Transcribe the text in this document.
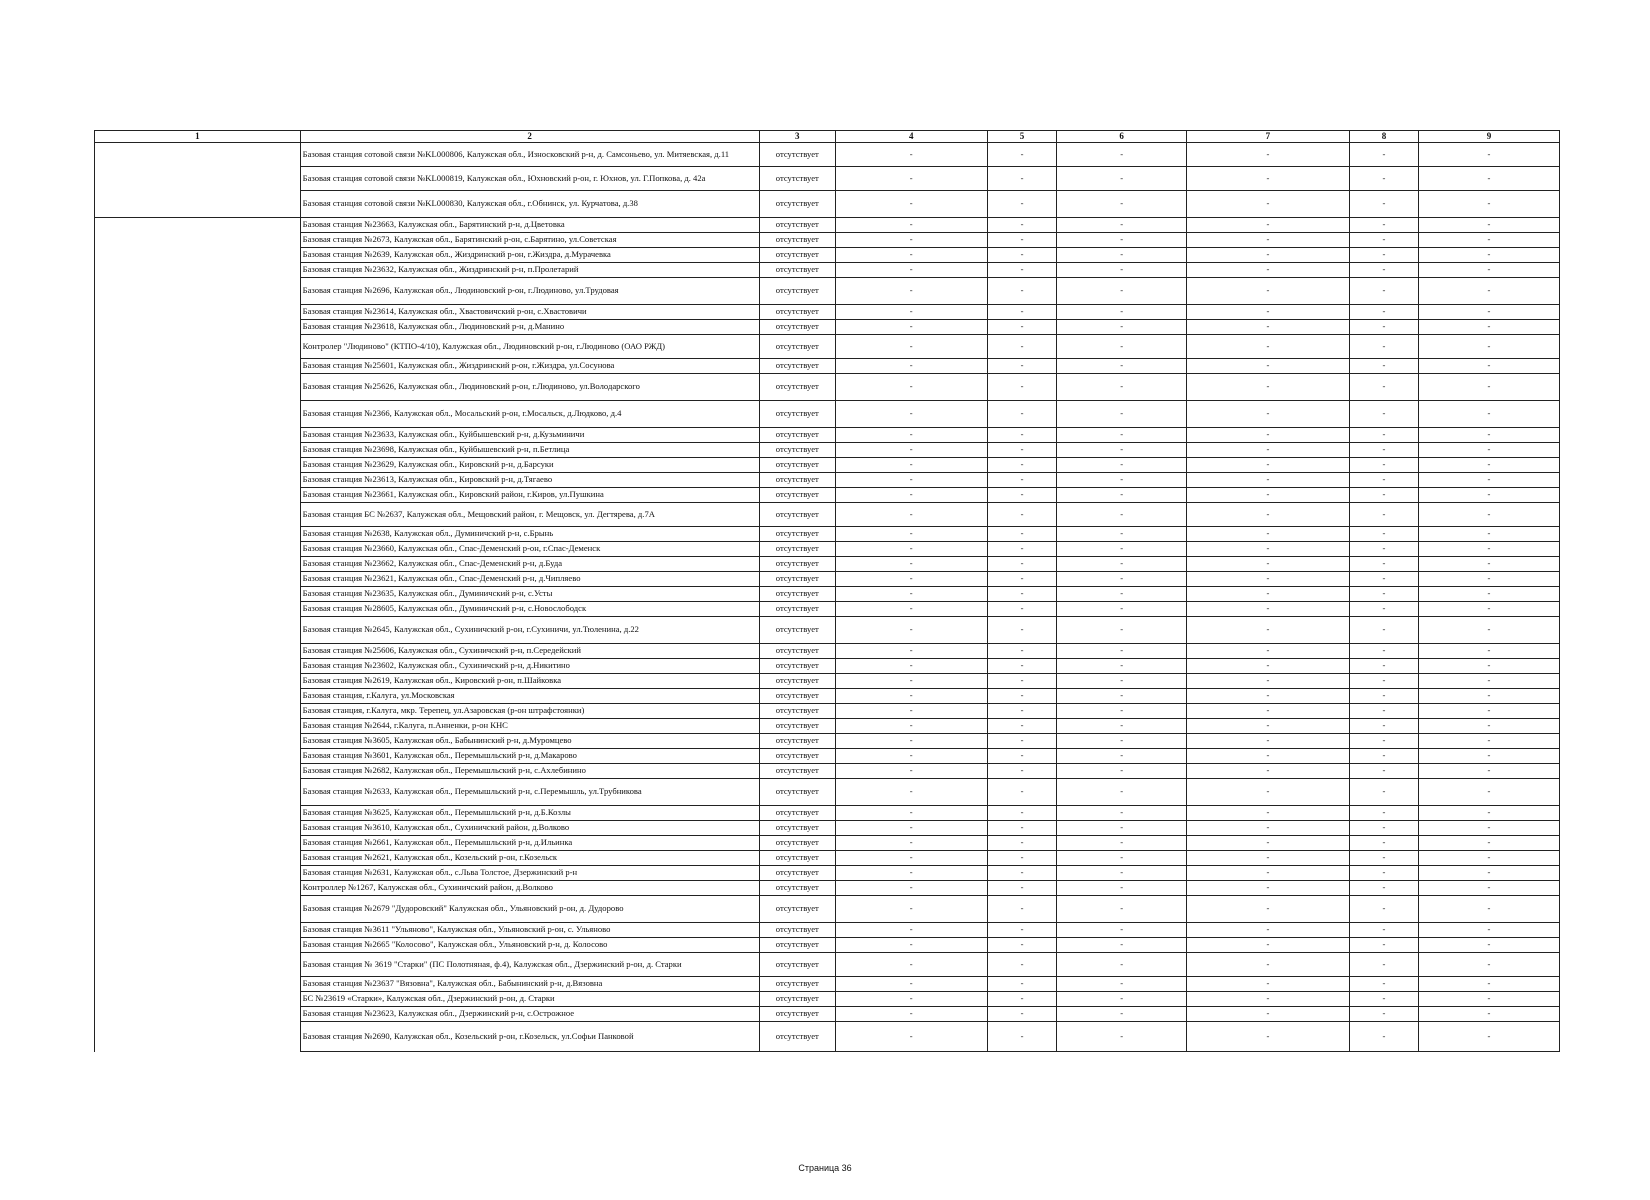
1	2	3	4	5	6	7	8	9
	Базовая станция сотовой связи №KL000806, Калужская обл., Износковский р-н, д. Самсоньево, ул. Митяевская, д.11	отсутствует	-	-	-	-	-	-
	Базовая станция сотовой связи №KL000819, Калужская обл., Юхновский р-он, г. Юхнов, ул. Г.Попкова, д. 42а	отсутствует	-	-	-	-	-	-
	Базовая станция сотовой связи №KL000830, Калужская обл., г.Обнинск, ул. Курчатова, д.38	отсутствует	-	-	-	-	-	-
	Базовая станция №23663, Калужская обл., Барятинский р-н, д.Цветовка	отсутствует	-	-	-	-	-	-
	Базовая станция №2673, Калужская обл., Барятинский р-он, с.Барятино, ул.Советская	отсутствует	-	-	-	-	-	-
	Базовая станция №2639, Калужская обл., Жиздринский р-он, г.Жиздра, д.Мурачевка	отсутствует	-	-	-	-	-	-
	Базовая станция №23632, Калужская обл., Жиздринский р-н, п.Пролетарий	отсутствует	-	-	-	-	-	-
	Базовая станция №2696, Калужская обл., Людиновский р-он, г.Людиново, ул.Трудовая	отсутствует	-	-	-	-	-	-
	Базовая станция №23614, Калужская обл., Хвастовичский р-он, с.Хвастовичи	отсутствует	-	-	-	-	-	-
	Базовая станция №23618, Калужская обл., Людиновский р-н, д.Манино	отсутствует	-	-	-	-	-	-
	Контролер "Людиново" (КТПО-4/10), Калужская обл., Людиновский р-он, г.Людиново (ОАО РЖД)	отсутствует	-	-	-	-	-	-
	Базовая станция №25601, Калужская обл., Жиздринский р-он, г.Жиздра, ул.Сосунова	отсутствует	-	-	-	-	-	-
	Базовая станция №25626, Калужская обл., Людиновский р-он, г.Людиново, ул.Володарского	отсутствует	-	-	-	-	-	-
	Базовая станция №2366, Калужская обл., Мосальский р-он, г.Мосальск, д.Людково, д.4	отсутствует	-	-	-	-	-	-
	Базовая станция №23633, Калужская обл., Куйбышевский р-н, д.Кузьминичи	отсутствует	-	-	-	-	-	-
	Базовая станция №23698, Калужская обл., Куйбышевский р-н, п.Бетлица	отсутствует	-	-	-	-	-	-
	Базовая станция №23629, Калужская обл., Кировский р-н, д.Барсуки	отсутствует	-	-	-	-	-	-
	Базовая станция №23613, Калужская обл., Кировский р-н, д.Тягаево	отсутствует	-	-	-	-	-	-
	Базовая станция №23661, Калужская обл., Кировский район, г.Киров, ул.Пушкина	отсутствует	-	-	-	-	-	-
	Базовая станция БС №2637, Калужская обл., Мещовский район, г. Мещовск, ул. Дегтярева, д.7А	отсутствует	-	-	-	-	-	-
	Базовая станция №2638, Калужская обл., Думиничский р-н, с.Брынь	отсутствует	-	-	-	-	-	-
	Базовая станция №23660, Калужская обл., Спас-Деменский р-он, г.Спас-Деменск	отсутствует	-	-	-	-	-	-
	Базовая станция №23662, Калужская обл., Спас-Деменский р-н, д.Буда	отсутствует	-	-	-	-	-	-
	Базовая станция №23621, Калужская обл., Спас-Деменский р-н, д.Чипляево	отсутствует	-	-	-	-	-	-
	Базовая станция №23635, Калужская обл., Думиничский р-н, с.Усты	отсутствует	-	-	-	-	-	-
	Базовая станция №28605, Калужская обл., Думиничский р-н, с.Новослободск	отсутствует	-	-	-	-	-	-
	Базовая станция №2645, Калужская обл., Сухиничский р-он, г.Сухиничи, ул.Тюленина, д.22	отсутствует	-	-	-	-	-	-
	Базовая станция №25606, Калужская обл., Сухиничский р-н, п.Середейский	отсутствует	-	-	-	-	-	-
	Базовая станция №23602, Калужская обл., Сухиничский р-н, д.Никитино	отсутствует	-	-	-	-	-	-
	Базовая станция №2619, Калужская обл., Кировский р-он, п.Шайковка	отсутствует	-	-	-	-	-	-
	Базовая станция, г.Калуга, ул.Московская	отсутствует	-	-	-	-	-	-
	Базовая станция, г.Калуга, мкр. Терепец, ул.Азаровская (р-он штрафстоянки)	отсутствует	-	-	-	-	-	-
	Базовая станция №2644, г.Калуга, п.Анненки, р-он КНС	отсутствует	-	-	-	-	-	-
	Базовая станция №3605, Калужская обл., Бабынинский р-н, д.Муромцево	отсутствует	-	-	-	-	-	-
	Базовая станция №3601, Калужская обл., Перемышльский р-н, д.Макарово	отсутствует	-	-	-	-	-	-
	Базовая станция №2682, Калужская обл., Перемышльский р-н, с.Ахлебинино	отсутствует	-	-	-	-	-	-
	Базовая станция №2633, Калужская обл., Перемышльский р-н, с.Перемышль, ул.Трубникова	отсутствует	-	-	-	-	-	-
	Базовая станция №3625, Калужская обл., Перемышльский р-н, д.Б.Козлы	отсутствует	-	-	-	-	-	-
	Базовая станция №3610, Калужская обл., Сухиничский район, д.Волково	отсутствует	-	-	-	-	-	-
	Базовая станция №2661, Калужская обл., Перемышльский р-н, д.Ильинка	отсутствует	-	-	-	-	-	-
	Базовая станция №2621, Калужская обл., Козельский р-он, г.Козельск	отсутствует	-	-	-	-	-	-
	Базовая станция №2631, Калужская обл., с.Льва Толстое, Дзержинский р-н	отсутствует	-	-	-	-	-	-
	Контроллер №1267, Калужская обл., Сухиничский район, д.Волково	отсутствует	-	-	-	-	-	-
	Базовая станция №2679 "Дудоровский" Калужская обл., Ульяновский р-он, д. Дудорово	отсутствует	-	-	-	-	-	-
	Базовая станция №3611 "Ульяново", Калужская обл., Ульяновский р-он, с. Ульяново	отсутствует	-	-	-	-	-	-
	Базовая станция №2665 "Колосово", Калужская обл., Ульяновский р-н, д. Колосово	отсутствует	-	-	-	-	-	-
	Базовая станция № 3619 "Старки" (ПС Полотняная, ф.4), Калужская обл., Дзержинский р-он, д. Старки	отсутствует	-	-	-	-	-	-
	Базовая станция №23637 "Вязовна", Калужская обл., Бабынинский р-н, д.Вязовна	отсутствует	-	-	-	-	-	-
	БС №23619 «Старки», Калужская обл., Дзержинский р-он, д. Старки	отсутствует	-	-	-	-	-	-
	Базовая станция №23623, Калужская обл., Дзержинский р-н, с.Острожное	отсутствует	-	-	-	-	-	-
	Базовая станция №2690, Калужская обл., Козельский р-он, г.Козельск, ул.Софьи Панковой	отсутствует	-	-	-	-	-	-
Страница 36
